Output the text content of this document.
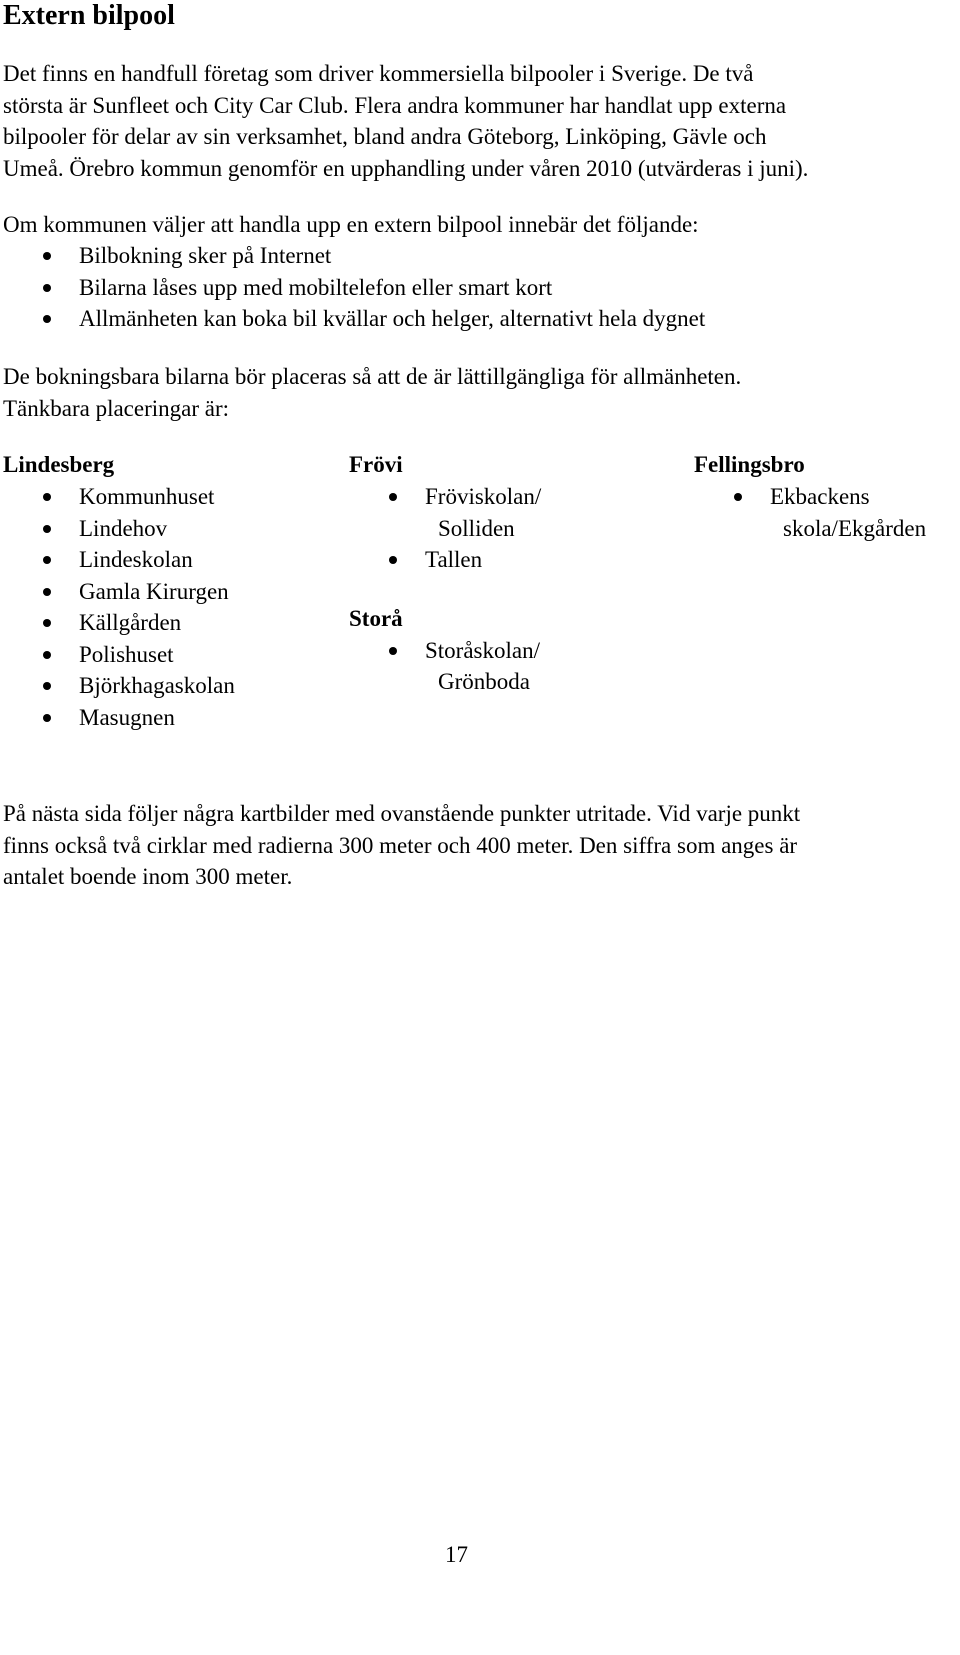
Extern bilpool

Det finns en handfull företag som driver kommersiella bilpooler i Sverige. De två
största är Sunfleet och City Car Club. Flera andra kommuner har handlat upp externa
bilpooler för delar av sin verksamhet, bland andra Göteborg, Linköping, Gävle och
Umeå. Örebro kommun genomför en upphandling under våren 2010 (utvärderas i juni).

Om kommunen väljer att handla upp en extern bilpool innebär det följande:

Bilbokning sker på Internet
Bilarna låses upp med mobiltelefon eller smart kort
Allmänheten kan boka bil kvällar och helger, alternativt hela dygnet

De bokningsbara bilarna bör placeras så att de är lättillgängliga för allmänheten.
Tänkbara placeringar är:

Lindesberg

Kommunhuset
Lindehov
Lindeskolan
Gamla Kirurgen
Källgården
Polishuset
Björkhagaskolan
Masugnen

Frövi

Fröviskolan/
Solliden
Tallen

Storå

Storåskolan/
Grönboda

Fellingsbro

Ekbackens
skola/Ekgården

På nästa sida följer några kartbilder med ovanstående punkter utritade. Vid varje punkt
finns också två cirklar med radierna 300 meter och 400 meter. Den siffra som anges är
antalet boende inom 300 meter.

17
